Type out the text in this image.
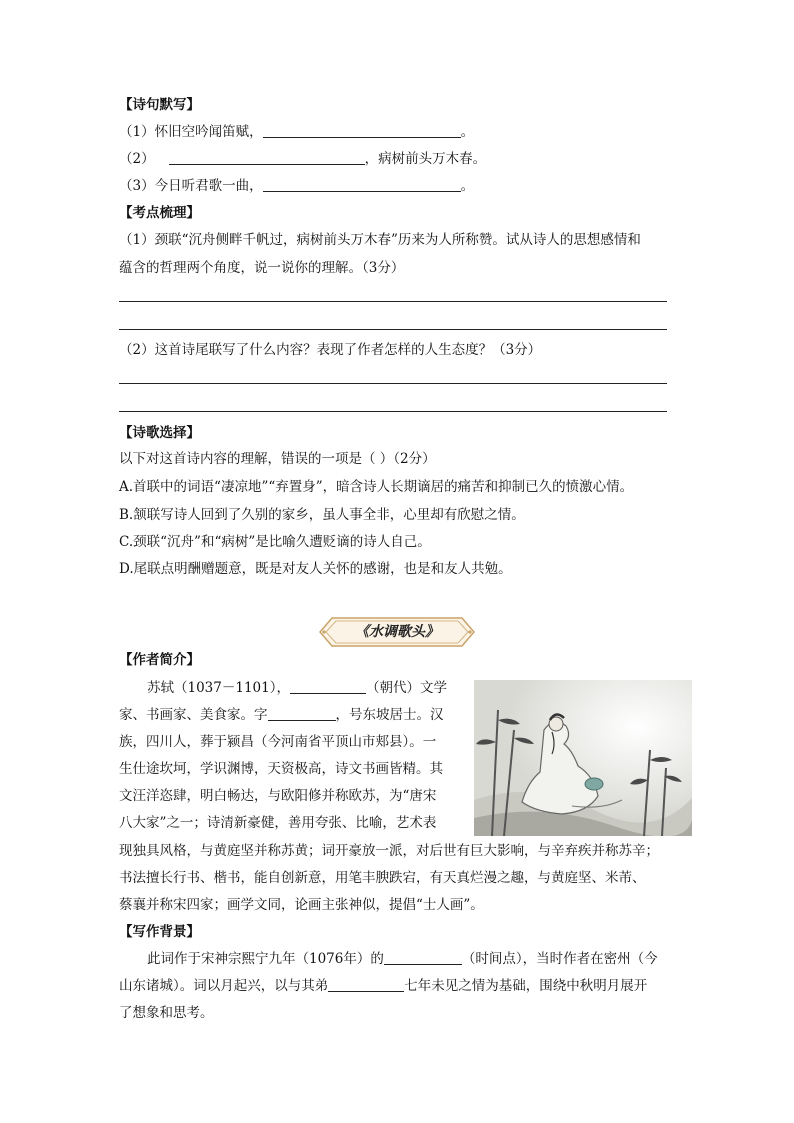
【诗句默写】
（1）怀旧空吟闻笛赋，	。
（2）	，病树前头万木春。
（3）今日听君歌一曲，	。
【考点梳理】
（1）颈联“沉舟侧畔千帆过，病树前头万木春”历来为人所称赞。试从诗人的思想感情和
蕴含的哲理两个角度，说一说你的理解。（3分）
（2）这首诗尾联写了什么内容？表现了作者怎样的人生态度？（3分）
【诗歌选择】
以下对这首诗内容的理解，错误的一项是（ ）（2分）
A.首联中的词语“凄凉地”“弃置身”，暗含诗人长期谪居的痛苦和抑制已久的愤激心情。
B.颔联写诗人回到了久别的家乡，虽人事全非，心里却有欣慰之情。
C.颈联“沉舟”和“病树”是比喻久遭贬谪的诗人自己。
D.尾联点明酬赠题意，既是对友人关怀的感谢，也是和友人共勉。
《水调歌头》
【作者简介】
苏轼（1037－1101），	（朝代）文学
家、书画家、美食家。字	，号东坡居士。汉
族，四川人，葬于颍昌（今河南省平顶山市郏县）。一
生仕途坎坷，学识渊博，天资极高，诗文书画皆精。其
文汪洋恣肆，明白畅达，与欧阳修并称欧苏，为“唐宋
八大家”之一；诗清新豪健，善用夸张、比喻，艺术表
现独具风格，与黄庭坚并称苏黄；词开豪放一派，对后世有巨大影响，与辛弃疾并称苏辛；
书法擅长行书、楷书，能自创新意，用笔丰腴跌宕，有天真烂漫之趣，与黄庭坚、米芾、
蔡襄并称宋四家；画学文同，论画主张神似，提倡“士人画”。
【写作背景】
此词作于宋神宗熙宁九年（1076年）的	（时间点），当时作者在密州（今
山东诸城）。词以月起兴，以与其弟	七年未见之情为基础，围绕中秋明月展开
了想象和思考。
